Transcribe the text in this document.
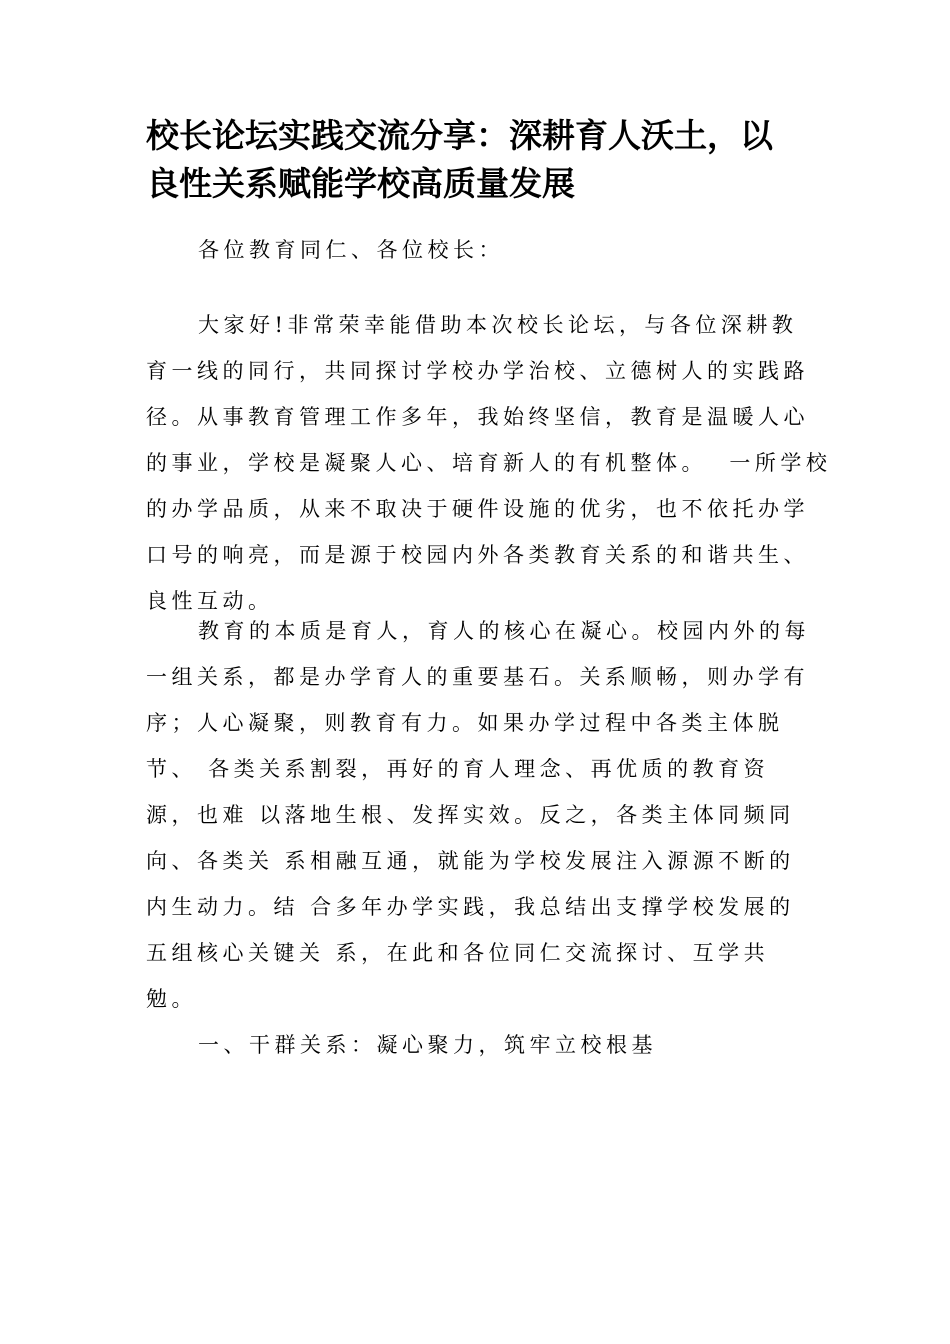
校长论坛实践交流分享：深耕育人沃土，以
良性关系赋能学校高质量发展

各位教育同仁、各位校长：

大家好!非常荣幸能借助本次校长论坛，与各位深耕教
育一线的同行，共同探讨学校办学治校、立德树人的实践路
径。从事教育管理工作多年，我始终坚信，教育是温暖人心
的事业，学校是凝聚人心、培育新人的有机整体。  一所学校
的办学品质，从来不取决于硬件设施的优劣，也不依托办学
口号的响亮，而是源于校园内外各类教育关系的和谐共生、
良性互动。
教育的本质是育人，育人的核心在凝心。校园内外的每
一组关系，都是办学育人的重要基石。关系顺畅，则办学有
序；人心凝聚，则教育有力。如果办学过程中各类主体脱
节、 各类关系割裂，再好的育人理念、再优质的教育资
源，也难 以落地生根、发挥实效。反之，各类主体同频同
向、各类关 系相融互通，就能为学校发展注入源源不断的
内生动力。结 合多年办学实践，我总结出支撑学校发展的
五组核心关键关 系，在此和各位同仁交流探讨、互学共
勉。

一、干群关系：凝心聚力，筑牢立校根基
